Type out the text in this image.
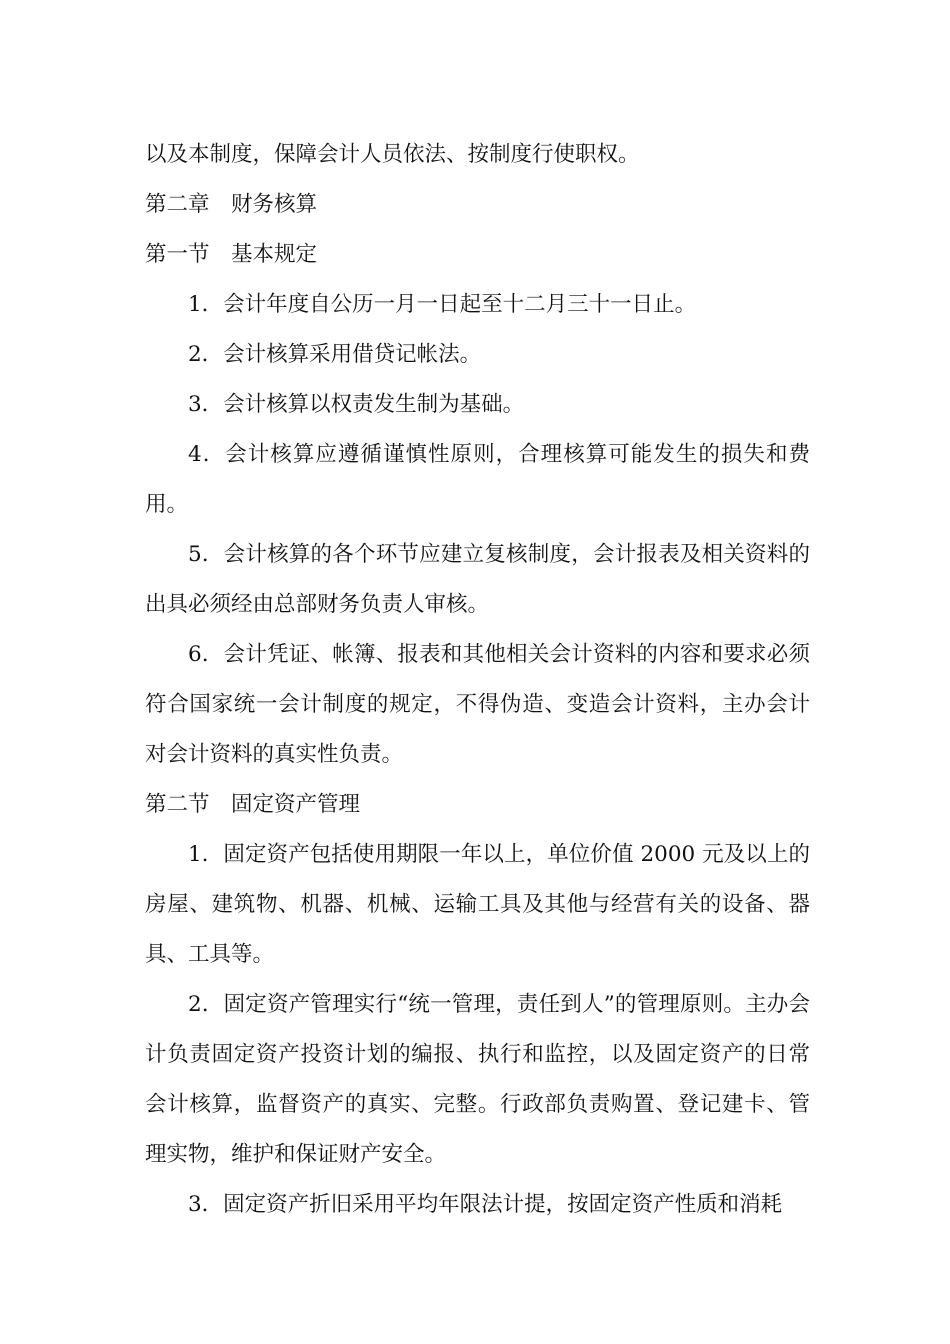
以及本制度，保障会计人员依法、按制度行使职权。

第二章　财务核算

第一节　基本规定

1．会计年度自公历一月一日起至十二月三十一日止。

2．会计核算采用借贷记帐法。

3．会计核算以权责发生制为基础。

4．会计核算应遵循谨慎性原则，合理核算可能发生的损失和费用。

5．会计核算的各个环节应建立复核制度，会计报表及相关资料的出具必须经由总部财务负责人审核。

6．会计凭证、帐簿、报表和其他相关会计资料的内容和要求必须符合国家统一会计制度的规定，不得伪造、变造会计资料，主办会计对会计资料的真实性负责。

第二节　固定资产管理

1．固定资产包括使用期限一年以上，单位价值 2000 元及以上的房屋、建筑物、机器、机械、运输工具及其他与经营有关的设备、器具、工具等。

2．固定资产管理实行“统一管理，责任到人”的管理原则。主办会计负责固定资产投资计划的编报、执行和监控，以及固定资产的日常会计核算，监督资产的真实、完整。行政部负责购置、登记建卡、管理实物，维护和保证财产安全。

3．固定资产折旧采用平均年限法计提，按固定资产性质和消耗
